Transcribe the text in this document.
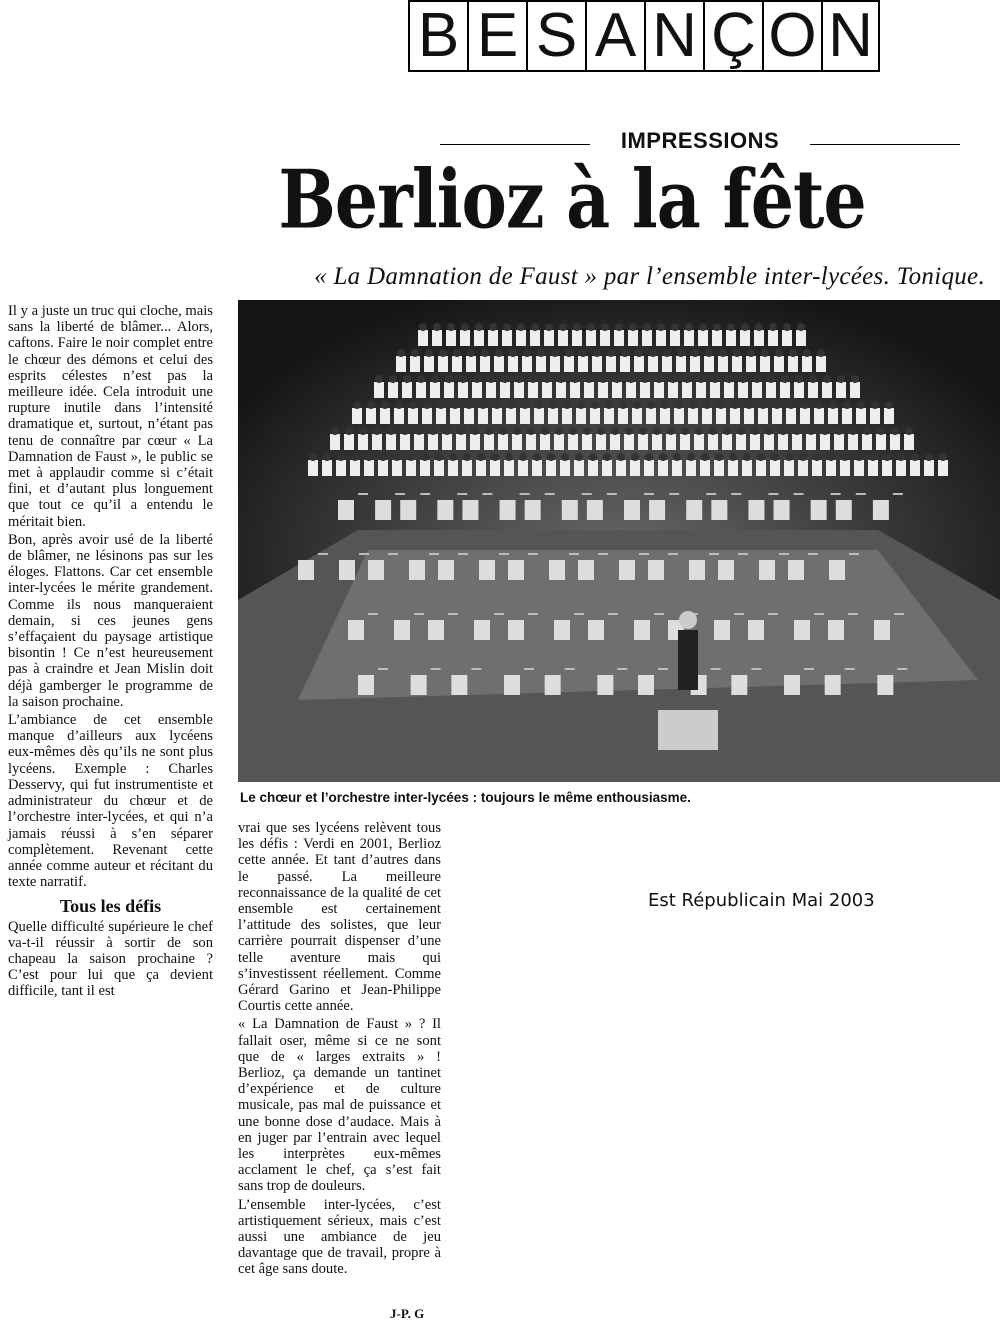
B E S A N Ç O N
IMPRESSIONS
Berlioz à la fête
« La Damnation de Faust » par l’ensemble inter-lycées. Tonique.

Il y a juste un truc qui cloche, mais sans la liberté de blâmer... Alors, caftons. Faire le noir complet entre le chœur des démons et celui des esprits célestes n’est pas la meilleure idée. Cela introduit une rupture inutile dans l’intensité dramatique et, surtout, n’étant pas tenu de connaître par cœur « La Damnation de Faust », le public se met à applaudir comme si c’était fini, et d’autant plus longuement que tout ce qu’il a entendu le méritait bien.

Bon, après avoir usé de la liberté de blâmer, ne lésinons pas sur les éloges. Flattons. Car cet ensemble inter-lycées le mérite grandement. Comme ils nous manqueraient demain, si ces jeunes gens s’effaçaient du paysage artistique bisontin ! Ce n’est heureusement pas à craindre et Jean Mislin doit déjà gamberger le programme de la saison prochaine.

L’ambiance de cet ensemble manque d’ailleurs aux lycéens eux-mêmes dès qu’ils ne sont plus lycéens. Exemple : Charles Desservy, qui fut instrumentiste et administrateur du chœur et de l’orchestre inter-lycées, et qui n’a jamais réussi à s’en séparer complètement. Revenant cette année comme auteur et récitant du texte narratif.

Tous les défis

Quelle difficulté supérieure le chef va-t-il réussir à sortir de son chapeau la saison prochaine ? C’est pour lui que ça devient difficile, tant il est

Le chœur et l’orchestre inter-lycées : toujours le même enthousiasme.
Est Républicain Mai 2003

vrai que ses lycéens relèvent tous les défis : Verdi en 2001, Berlioz cette année. Et tant d’autres dans le passé. La meilleure reconnaissance de la qualité de cet ensemble est certainement l’attitude des solistes, que leur carrière pourrait dispenser d’une telle aventure mais qui s’investissent réellement. Comme Gérard Garino et Jean-Philippe Courtis cette année.

« La Damnation de Faust » ? Il fallait oser, même si ce ne sont que de « larges extraits » ! Berlioz, ça demande un tantinet d’expérience et de culture musicale, pas mal de puissance et une bonne dose d’audace. Mais à en juger par l’entrain avec lequel les interprètes eux-mêmes acclament le chef, ça s’est fait sans trop de douleurs.

L’ensemble inter-lycées, c’est artistiquement sérieux, mais c’est aussi une ambiance de jeu davantage que de travail, propre à cet âge sans doute.

J-P. G
